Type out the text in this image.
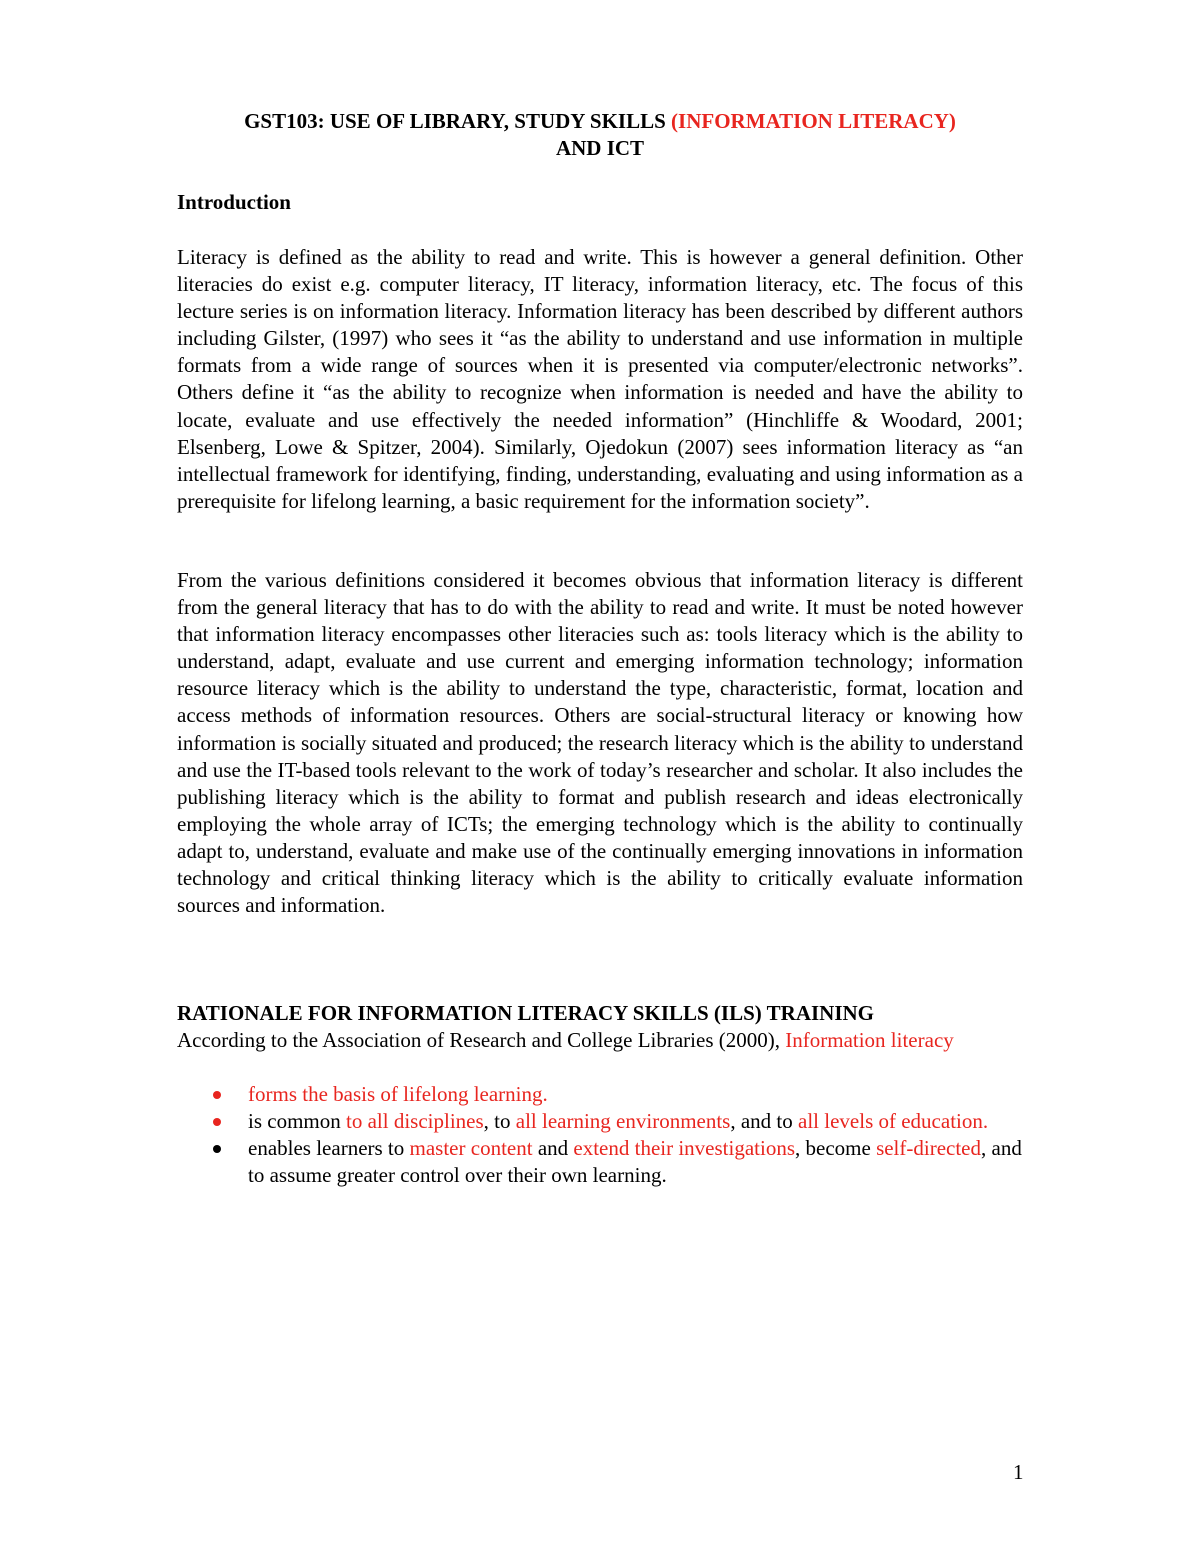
GST103: USE OF LIBRARY, STUDY SKILLS (INFORMATION LITERACY)
AND ICT
Introduction

Literacy is defined as the ability to read and write. This is however a general definition. Other literacies do exist e.g. computer literacy, IT literacy, information literacy, etc. The focus of this lecture series is on information literacy. Information literacy has been described by different authors including Gilster, (1997) who sees it “as the ability to understand and use information in multiple formats from a wide range of sources when it is presented via computer/electronic networks”. Others define it “as the ability to recognize when information is needed and have the ability to locate, evaluate and use effectively the needed information” (Hinchliffe & Woodard, 2001; Elsenberg, Lowe & Spitzer, 2004). Similarly, Ojedokun (2007) sees information literacy as “an intellectual framework for identifying, finding, understanding, evaluating and using information as a prerequisite for lifelong learning, a basic requirement for the information society”.

From the various definitions considered it becomes obvious that information literacy is different from the general literacy that has to do with the ability to read and write. It must be noted however that information literacy encompasses other literacies such as: tools literacy which is the ability to understand, adapt, evaluate and use current and emerging information technology; information resource literacy which is the ability to understand the type, characteristic, format, location and access methods of information resources. Others are social-structural literacy or knowing how information is socially situated and produced; the research literacy which is the ability to understand and use the IT-based tools relevant to the work of today’s researcher and scholar. It also includes the publishing literacy which is the ability to format and publish research and ideas electronically employing the whole array of ICTs; the emerging technology which is the ability to continually adapt to, understand, evaluate and make use of the continually emerging innovations in information technology and critical thinking literacy which is the ability to critically evaluate information sources and information.

RATIONALE FOR INFORMATION LITERACY SKILLS (ILS) TRAINING
According to the Association of Research and College Libraries (2000), Information literacy
forms the basis of lifelong learning.
is common to all disciplines, to all learning environments, and to all levels of education.
enables learners to master content and extend their investigations, become self-directed, and to assume greater control over their own learning.
1
